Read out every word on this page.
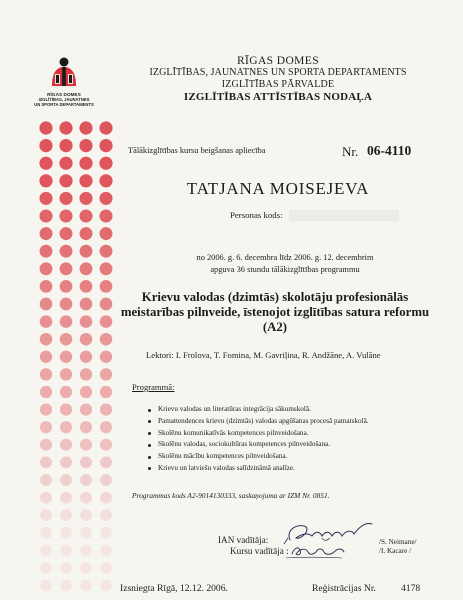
RĪGAS DOMES
IZGLĪTĪBAS, JAUNATNES
UN SPORTA DEPARTAMENTS
RĪGAS DOMES
IZGLĪTĪBAS, JAUNATNES UN SPORTA DEPARTAMENTS
IZGLĪTĪBAS PĀRVALDE
IZGLĪTĪBAS ATTĪSTĪBAS NODAĻA
Tālākizglītības kursu beigšanas apliecība	Nr. 06-4110
TATJANA MOISEJEVA
Personas kods:
no 2006. g. 6. decembra līdz 2006. g. 12. decembrim
apguva 36 stundu tālākizglītības programmu
Krievu valodas (dzimtās) skolotāju profesionālās
meistarības pilnveide, īstenojot izglītības satura reformu
(A2)
Lektori: I. Frolova, T. Fomina, M. Gavriļina, R. Andžāne, A. Vulāne
Programmā:
Krievu valodas un literatūras integrācija sākumskolā.
Pamattendences krievu (dzimtās) valodas apgūšanas procesā pamatskolā.
Skolēnu komunikatīvās kompetences pilnveidošana.
Skolēnu valodas, sociokultūras kompetences pilnveidošana.
Skolēnu mācību kompetences pilnveidošana.
Krievu un latviešu valodas salīdzināmā analīze.
Programmas kods A2-9014130333, saskaņojuma ar IZM Nr. 0851.
IAN vadītāja:
Kursu vadītāja :
/S. Neimane/
/I. Kacare /
Izsniegta Rīgā, 12.12. 2006.	Reģistrācijas Nr.	4178
